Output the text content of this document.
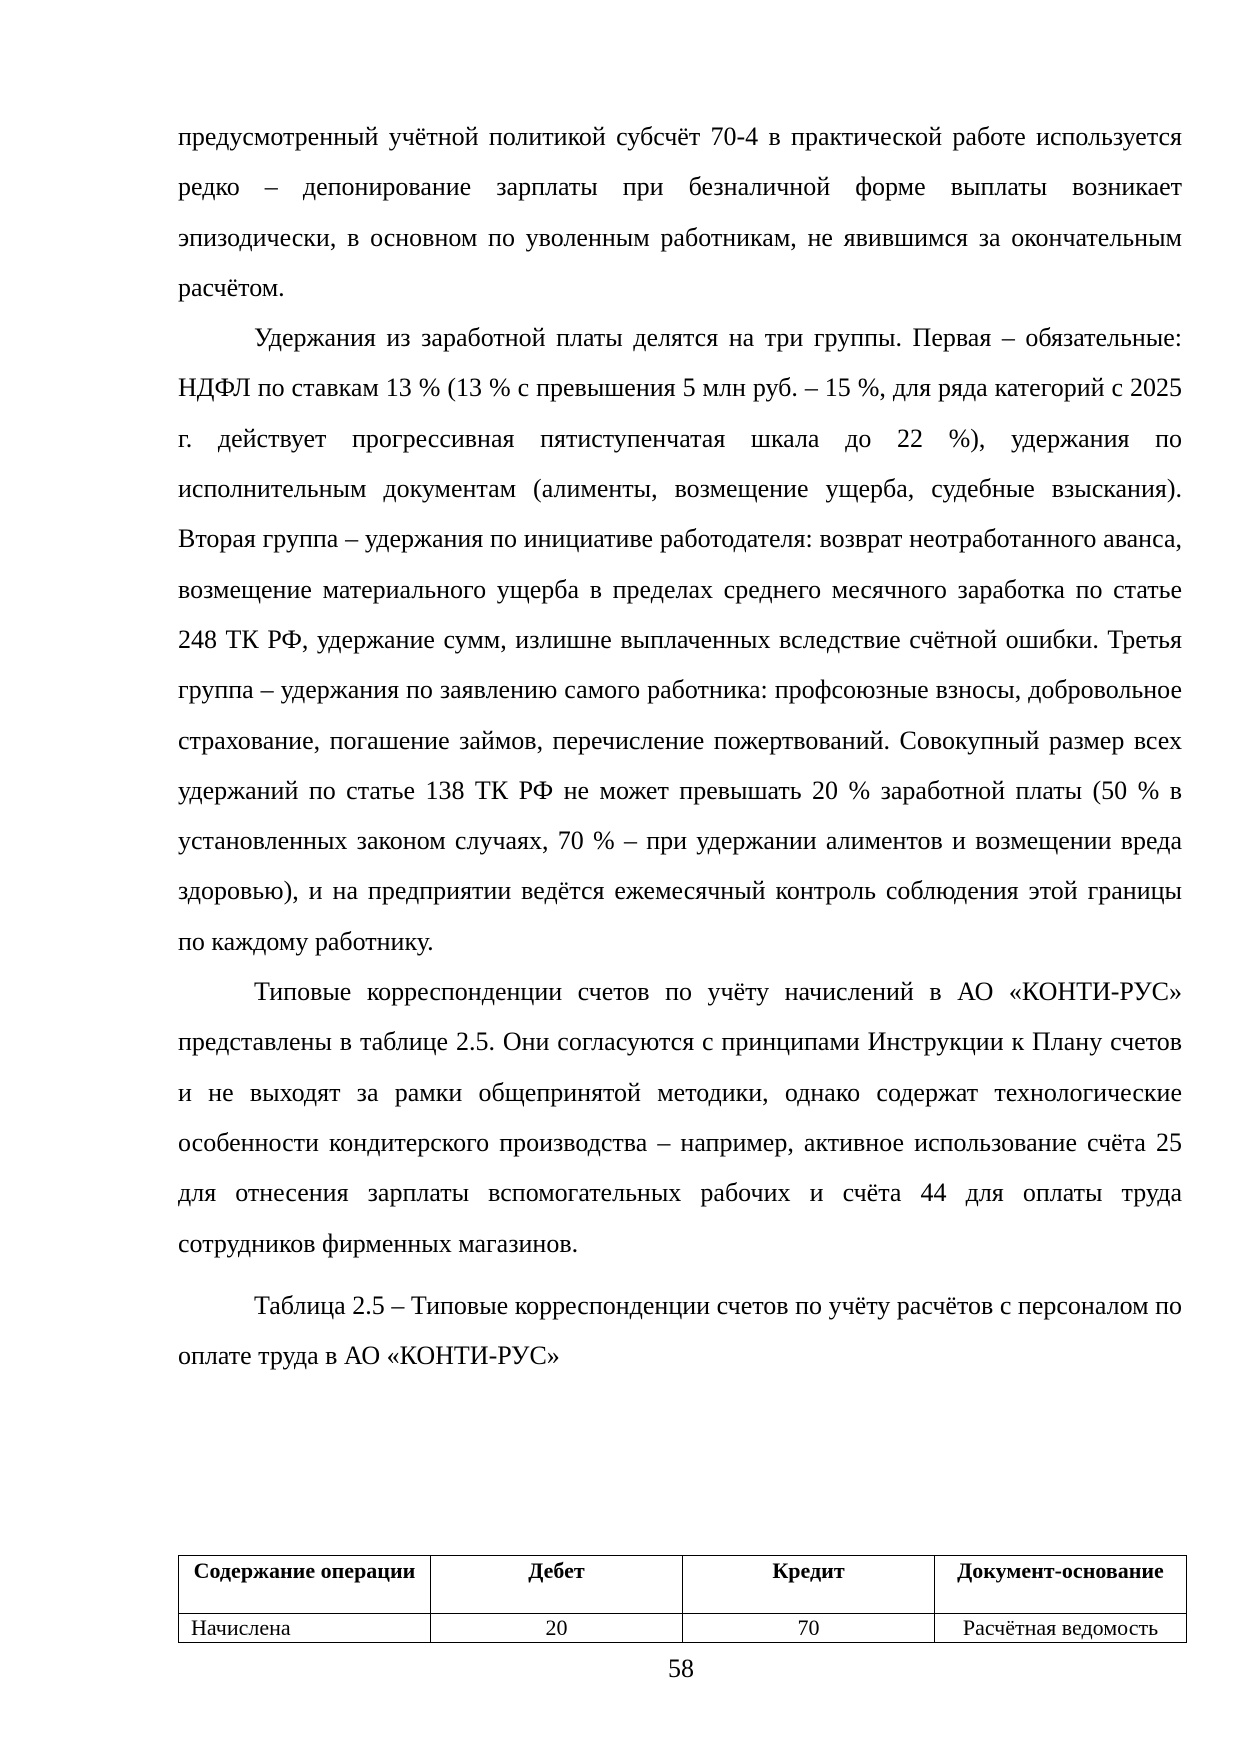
предусмотренный учётной политикой субсчёт 70-4 в практической работе используется редко – депонирование зарплаты при безналичной форме выплаты возникает эпизодически, в основном по уволенным работникам, не явившимся за окончательным расчётом.

Удержания из заработной платы делятся на три группы. Первая – обязательные: НДФЛ по ставкам 13 % (13 % с превышения 5 млн руб. – 15 %, для ряда категорий с 2025 г. действует прогрессивная пятиступенчатая шкала до 22 %), удержания по исполнительным документам (алименты, возмещение ущерба, судебные взыскания). Вторая группа – удержания по инициативе работодателя: возврат неотработанного аванса, возмещение материального ущерба в пределах среднего месячного заработка по статье 248 ТК РФ, удержание сумм, излишне выплаченных вследствие счётной ошибки. Третья группа – удержания по заявлению самого работника: профсоюзные взносы, добровольное страхование, погашение займов, перечисление пожертвований. Совокупный размер всех удержаний по статье 138 ТК РФ не может превышать 20 % заработной платы (50 % в установленных законом случаях, 70 % – при удержании алиментов и возмещении вреда здоровью), и на предприятии ведётся ежемесячный контроль соблюдения этой границы по каждому работнику.

Типовые корреспонденции счетов по учёту начислений в АО «КОНТИ-РУС» представлены в таблице 2.5. Они согласуются с принципами Инструкции к Плану счетов и не выходят за рамки общепринятой методики, однако содержат технологические особенности кондитерского производства – например, активное использование счёта 25 для отнесения зарплаты вспомогательных рабочих и счёта 44 для оплаты труда сотрудников фирменных магазинов.

Таблица 2.5 – Типовые корреспонденции счетов по учёту расчётов с персоналом по оплате труда в АО «КОНТИ-РУС»

Содержание операции	Дебет	Кредит	Документ-основание
Начислена	20	70	Расчётная ведомость
58
